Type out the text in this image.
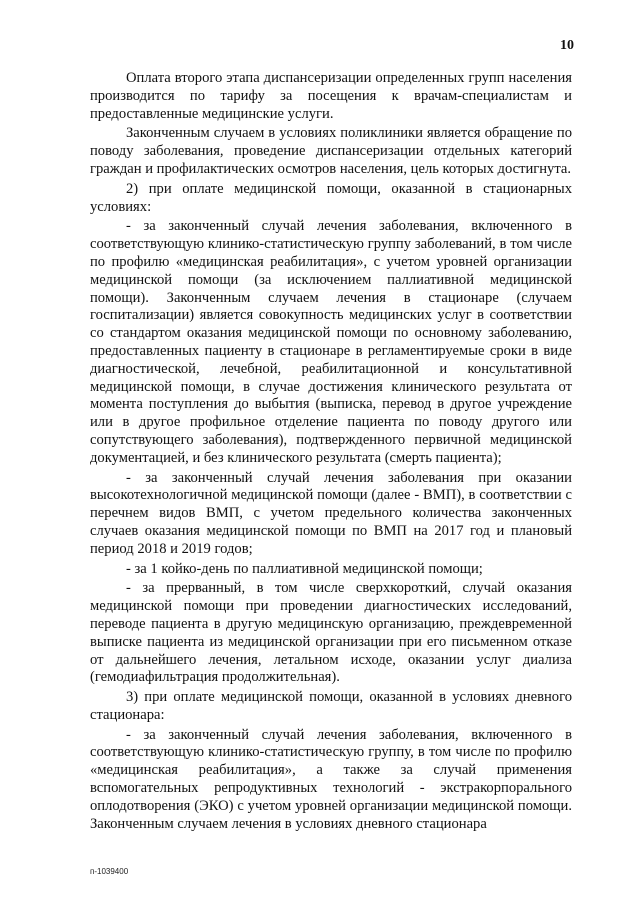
10

Оплата второго этапа диспансеризации определенных групп населения производится по тарифу за посещения к врачам-специалистам и предоставленные медицинские услуги.

Законченным случаем в условиях поликлиники является обращение по поводу заболевания, проведение диспансеризации отдельных категорий граждан и профилактических осмотров населения, цель которых достигнута.

2) при оплате медицинской помощи, оказанной в стационарных условиях:

- за законченный случай лечения заболевания, включенного в соответствующую клинико-статистическую группу заболеваний, в том числе по профилю «медицинская реабилитация», с учетом уровней организации медицинской помощи (за исключением паллиативной медицинской помощи). Законченным случаем лечения в стационаре (случаем госпитализации) является совокупность медицинских услуг в соответствии со стандартом оказания медицинской помощи по основному заболеванию, предоставленных пациенту в стационаре в регламентируемые сроки в виде диагностической, лечебной, реабилитационной и консультативной медицинской помощи, в случае достижения клинического результата от момента поступления до выбытия (выписка, перевод в другое учреждение или в другое профильное отделение пациента по поводу другого или сопутствующего заболевания), подтвержденного первичной медицинской документацией, и без клинического результата (смерть пациента);

- за законченный случай лечения заболевания при оказании высокотехнологичной медицинской помощи (далее - ВМП), в соответствии с перечнем видов ВМП, с учетом предельного количества законченных случаев оказания медицинской помощи по ВМП на 2017 год и плановый период 2018 и 2019 годов;

- за 1 койко-день по паллиативной медицинской помощи;

- за прерванный, в том числе сверхкороткий, случай оказания медицинской помощи при проведении диагностических исследований, переводе пациента в другую медицинскую организацию, преждевременной выписке пациента из медицинской организации при его письменном отказе от дальнейшего лечения, летальном исходе, оказании услуг диализа (гемодиафильтрация продолжительная).

3) при оплате медицинской помощи, оказанной в условиях дневного стационара:

- за законченный случай лечения заболевания, включенного в соответствующую клинико-статистическую группу, в том числе по профилю «медицинская реабилитация», а также за случай применения вспомогательных репродуктивных технологий - экстракорпорального оплодотворения (ЭКО) с учетом уровней организации медицинской помощи. Законченным случаем лечения в условиях дневного стационара

п-1039400
